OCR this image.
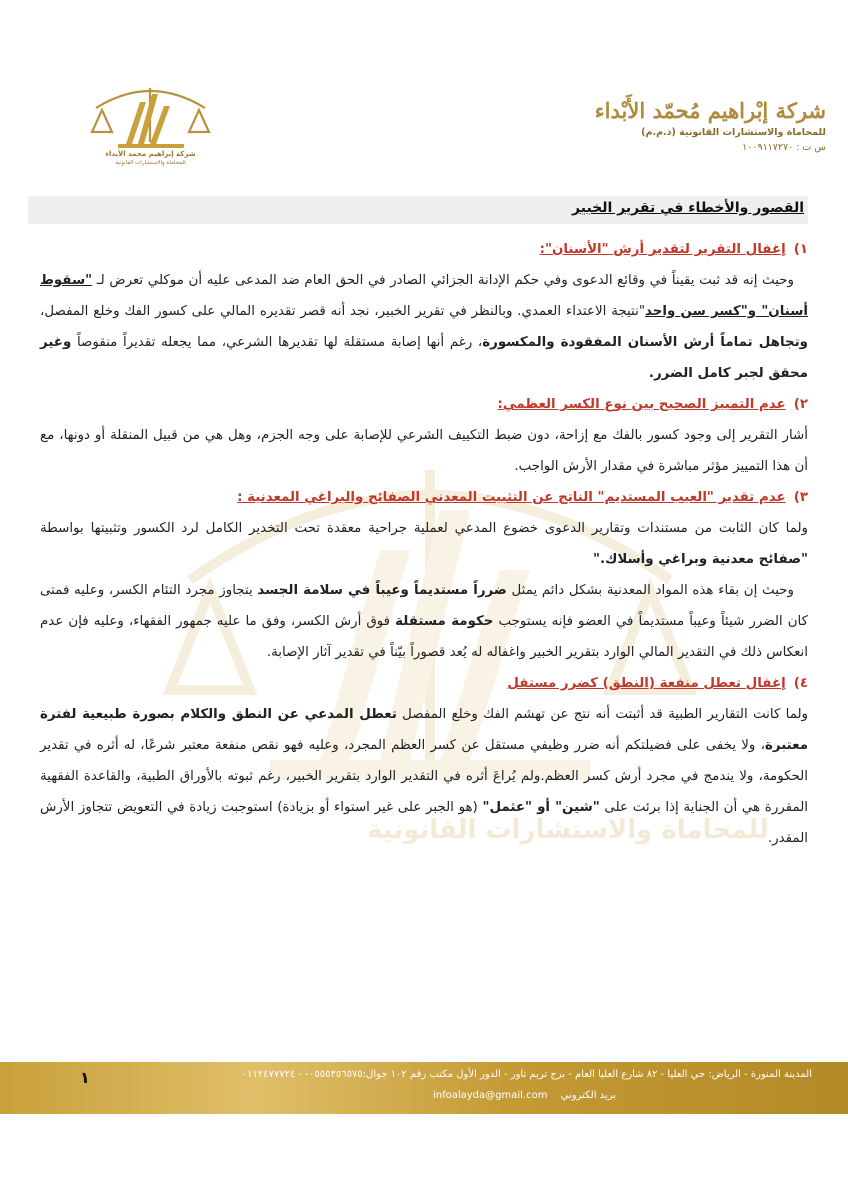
للمحاماة والاستشارات القانونية
شركة إبْراهيم مُحمّد الأَبْداء
للمحاماة والاستشارات القانونية (ذ.م.م)
س ت : ١٠٠٩١١٧٢٧٠
شركة إبراهيم محمد الأبداء
للمحاماة والاستشارات القانونية
القصور والأخطاء في تقرير الخبير
١)إغفال التقرير لتقدير أرش "الأسنان":
وحيث إنه قد ثبت يقيناً في وقائع الدعوى وفي حكم الإدانة الجزائي الصادر في الحق العام ضد المدعى عليه أن موكلي تعرض لـ "سقوط أسنان" و"كسر سن واحد"نتيجة الاعتداء العمدي. وبالنظر في تقرير الخبير، نجد أنه قصر تقديره المالي على كسور الفك وخلع المفصل، وتجاهل تماماً أرش الأسنان المفقودة والمكسورة، رغم أنها إصابة مستقلة لها تقديرها الشرعي، مما يجعله تقديراً منقوصاً وغير محقق لجبر كامل الضرر.
٢)عدم التمييز الصحيح بين نوع الكسر العظمي:
أشار التقرير إلى وجود كسور بالفك مع إزاحة، دون ضبط التكييف الشرعي للإصابة على وجه الجزم، وهل هي من قبيل المنقلة أو دونها، مع أن هذا التمييز مؤثر مباشرة في مقدار الأرش الواجب.
٣)عدم تقدير "العيب المستديم" الناتج عن التثبيت المعدني الصفائح والبراغي المعدنية :
ولما كان الثابت من مستندات وتقارير الدعوى خضوع المدعي لعملية جراحية معقدة تحت التخدير الكامل لرد الكسور وتثبيتها بواسطة "صفائح معدنية وبراغي وأسلاك."
وحيث إن بقاء هذه المواد المعدنية بشكل دائم يمثل ضرراً مستديماً وعيباً في سلامة الجسد يتجاوز مجرد التئام الكسر، وعليه فمتى كان الضرر شيئاً وعيباً مستديماً في العضو فإنه يستوجب حكومة مستقلة فوق أرش الكسر، وفق ما عليه جمهور الفقهاء، وعليه فإن عدم انعكاس ذلك في التقدير المالي الوارد بتقرير الخبير واغفاله له يُعد قصوراً بيّناً في تقدير آثار الإصابة.
٤)إغفال تعطل منفعة (النطق) كضرر مستقل
ولما كانت التقارير الطبية قد أثبتت أنه نتج عن تهشم الفك وخلع المفصل تعطل المدعي عن النطق والكلام بصورة طبيعية لفترة معتبرة، ولا يخفى على فضيلتكم أنه ضرر وظيفي مستقل عن كسر العظم المجرد، وعليه فهو نقص منفعة معتبر شرعًا، له أثره في تقدير الحكومة، ولا يندمج في مجرد أرش كسر العظم.ولم يُراعَ أثره في التقدير الوارد بتقرير الخبير، رغم ثبوته بالأوراق الطبية، والقاعدة الفقهية المقررة هي أن الجناية إذا برئت على "شين" أو "عثمل" (هو الجبر على غير استواء أو بزيادة) استوجبت زيادة في التعويض تتجاوز الأرش المقدر.
المدينة المنورة - الرياض: حي العليا - ٨٢ شارع العليا العام - برج تريم تاور - الدور الأول مكتب رقم ١٠٢ جوال:٠٥٥٥٣٥٦٥٧٥- - ٠١١٢٤٧٧٧٢٤
بريد الكتروني infoalayda@gmail.com
١
